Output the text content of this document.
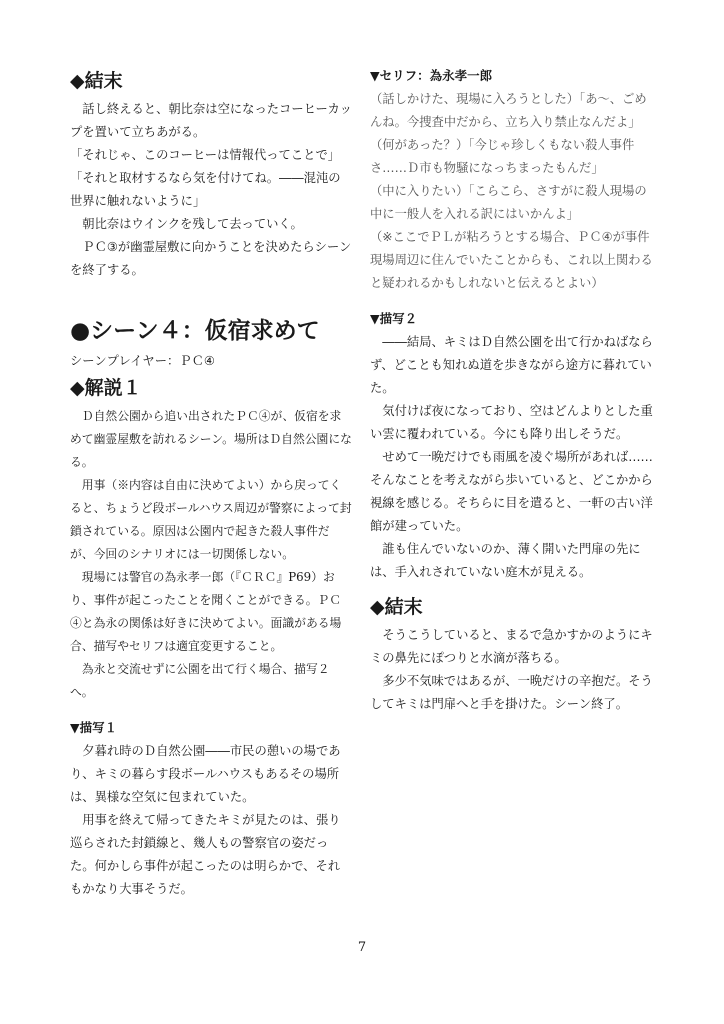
◆結末

話し終えると、朝比奈は空になったコーヒーカップを置いて立ちあがる。

「それじゃ、このコーヒーは情報代ってことで」

「それと取材するなら気を付けてね。――混沌の世界に触れないように」

朝比奈はウインクを残して去っていく。

ＰＣ③が幽霊屋敷に向かうことを決めたらシーンを終了する。

●シーン４：仮宿求めて

シーンプレイヤー：ＰＣ④

◆解説１

Ｄ自然公園から追い出されたＰＣ④が、仮宿を求めて幽霊屋敷を訪れるシーン。場所はＤ自然公園になる。

用事（※内容は自由に決めてよい）から戻ってくると、ちょうど段ボールハウス周辺が警察によって封鎖されている。原因は公園内で起きた殺人事件だが、今回のシナリオには一切関係しない。

現場には警官の為永孝一郎（『ＣＲＣ』P69）おり、事件が起こったことを聞くことができる。ＰＣ④と為永の関係は好きに決めてよい。面識がある場合、描写やセリフは適宜変更すること。

為永と交流せずに公園を出て行く場合、描写２へ。

▼描写１

夕暮れ時のＤ自然公園――市民の憩いの場であり、キミの暮らす段ボールハウスもあるその場所は、異様な空気に包まれていた。

用事を終えて帰ってきたキミが見たのは、張り巡らされた封鎖線と、幾人もの警察官の姿だった。何かしら事件が起こったのは明らかで、それもかなり大事そうだ。

▼セリフ：為永孝一郎

（話しかけた、現場に入ろうとした）「あ～、ごめんね。今捜査中だから、立ち入り禁止なんだよ」

（何があった？）「今じゃ珍しくもない殺人事件さ……Ｄ市も物騒になっちまったもんだ」

（中に入りたい）「こらこら、さすがに殺人現場の中に一般人を入れる訳にはいかんよ」

（※ここでＰＬが粘ろうとする場合、ＰＣ④が事件現場周辺に住んでいたことからも、これ以上関わると疑われるかもしれないと伝えるとよい）

▼描写２

――結局、キミはＤ自然公園を出て行かねばならず、どことも知れぬ道を歩きながら途方に暮れていた。

気付けば夜になっており、空はどんよりとした重い雲に覆われている。今にも降り出しそうだ。

せめて一晩だけでも雨風を凌ぐ場所があれば……そんなことを考えながら歩いていると、どこかから視線を感じる。そちらに目を遣ると、一軒の古い洋館が建っていた。

誰も住んでいないのか、薄く開いた門扉の先には、手入れされていない庭木が見える。

◆結末

そうこうしていると、まるで急かすかのようにキミの鼻先にぽつりと水滴が落ちる。

多少不気味ではあるが、一晩だけの辛抱だ。そうしてキミは門扉へと手を掛けた。シーン終了。

7
